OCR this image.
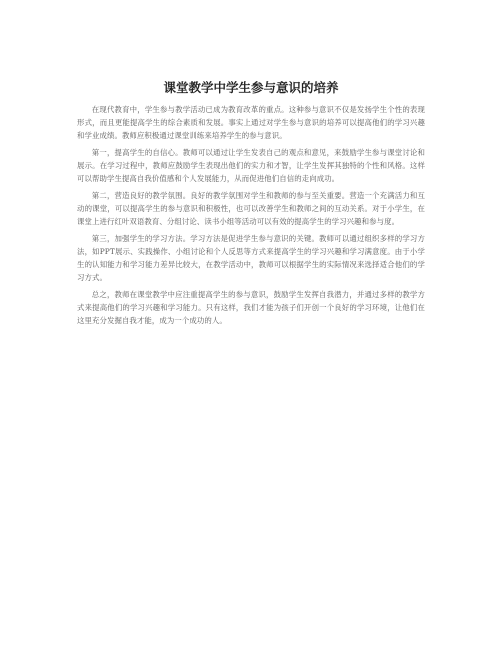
课堂教学中学生参与意识的培养

在现代教育中，学生参与教学活动已成为教育改革的重点。这种参与意识不仅是发扬学生个性的表现形式，而且更能提高学生的综合素质和发展。事实上通过对学生参与意识的培养可以提高他们的学习兴趣和学业成绩。教师应积极通过课堂训练来培养学生的参与意识。

第一，提高学生的自信心。教师可以通过让学生发表自己的观点和意见，来鼓励学生参与课堂讨论和展示。在学习过程中，教师应鼓励学生表现出他们的实力和才智，让学生发挥其独特的个性和风格。这样可以帮助学生提高自我价值感和个人发展能力，从而促进他们自信的走向成功。

第二，营造良好的教学氛围。良好的教学氛围对学生和教师的参与至关重要。营造一个充满活力和互动的课堂，可以提高学生的参与意识和积极性，也可以改善学生和教师之间的互动关系。对于小学生，在课堂上进行红叶双语教育、分组讨论、读书小组等活动可以有效的提高学生的学习兴趣和参与度。

第三，加强学生的学习方法。学习方法是促进学生参与意识的关键。教师可以通过组织多样的学习方法，如PPT展示、实践操作、小组讨论和个人反思等方式来提高学生的学习兴趣和学习满意度。由于小学生的认知能力和学习能力差异比较大，在教学活动中，教师可以根据学生的实际情况来选择适合他们的学习方式。

总之，教师在课堂教学中应注重提高学生的参与意识，鼓励学生发挥自我潜力，并通过多样的教学方式来提高他们的学习兴趣和学习能力。只有这样，我们才能为孩子们开创一个良好的学习环境，让他们在这里充分发掘自我才能，成为一个成功的人。
